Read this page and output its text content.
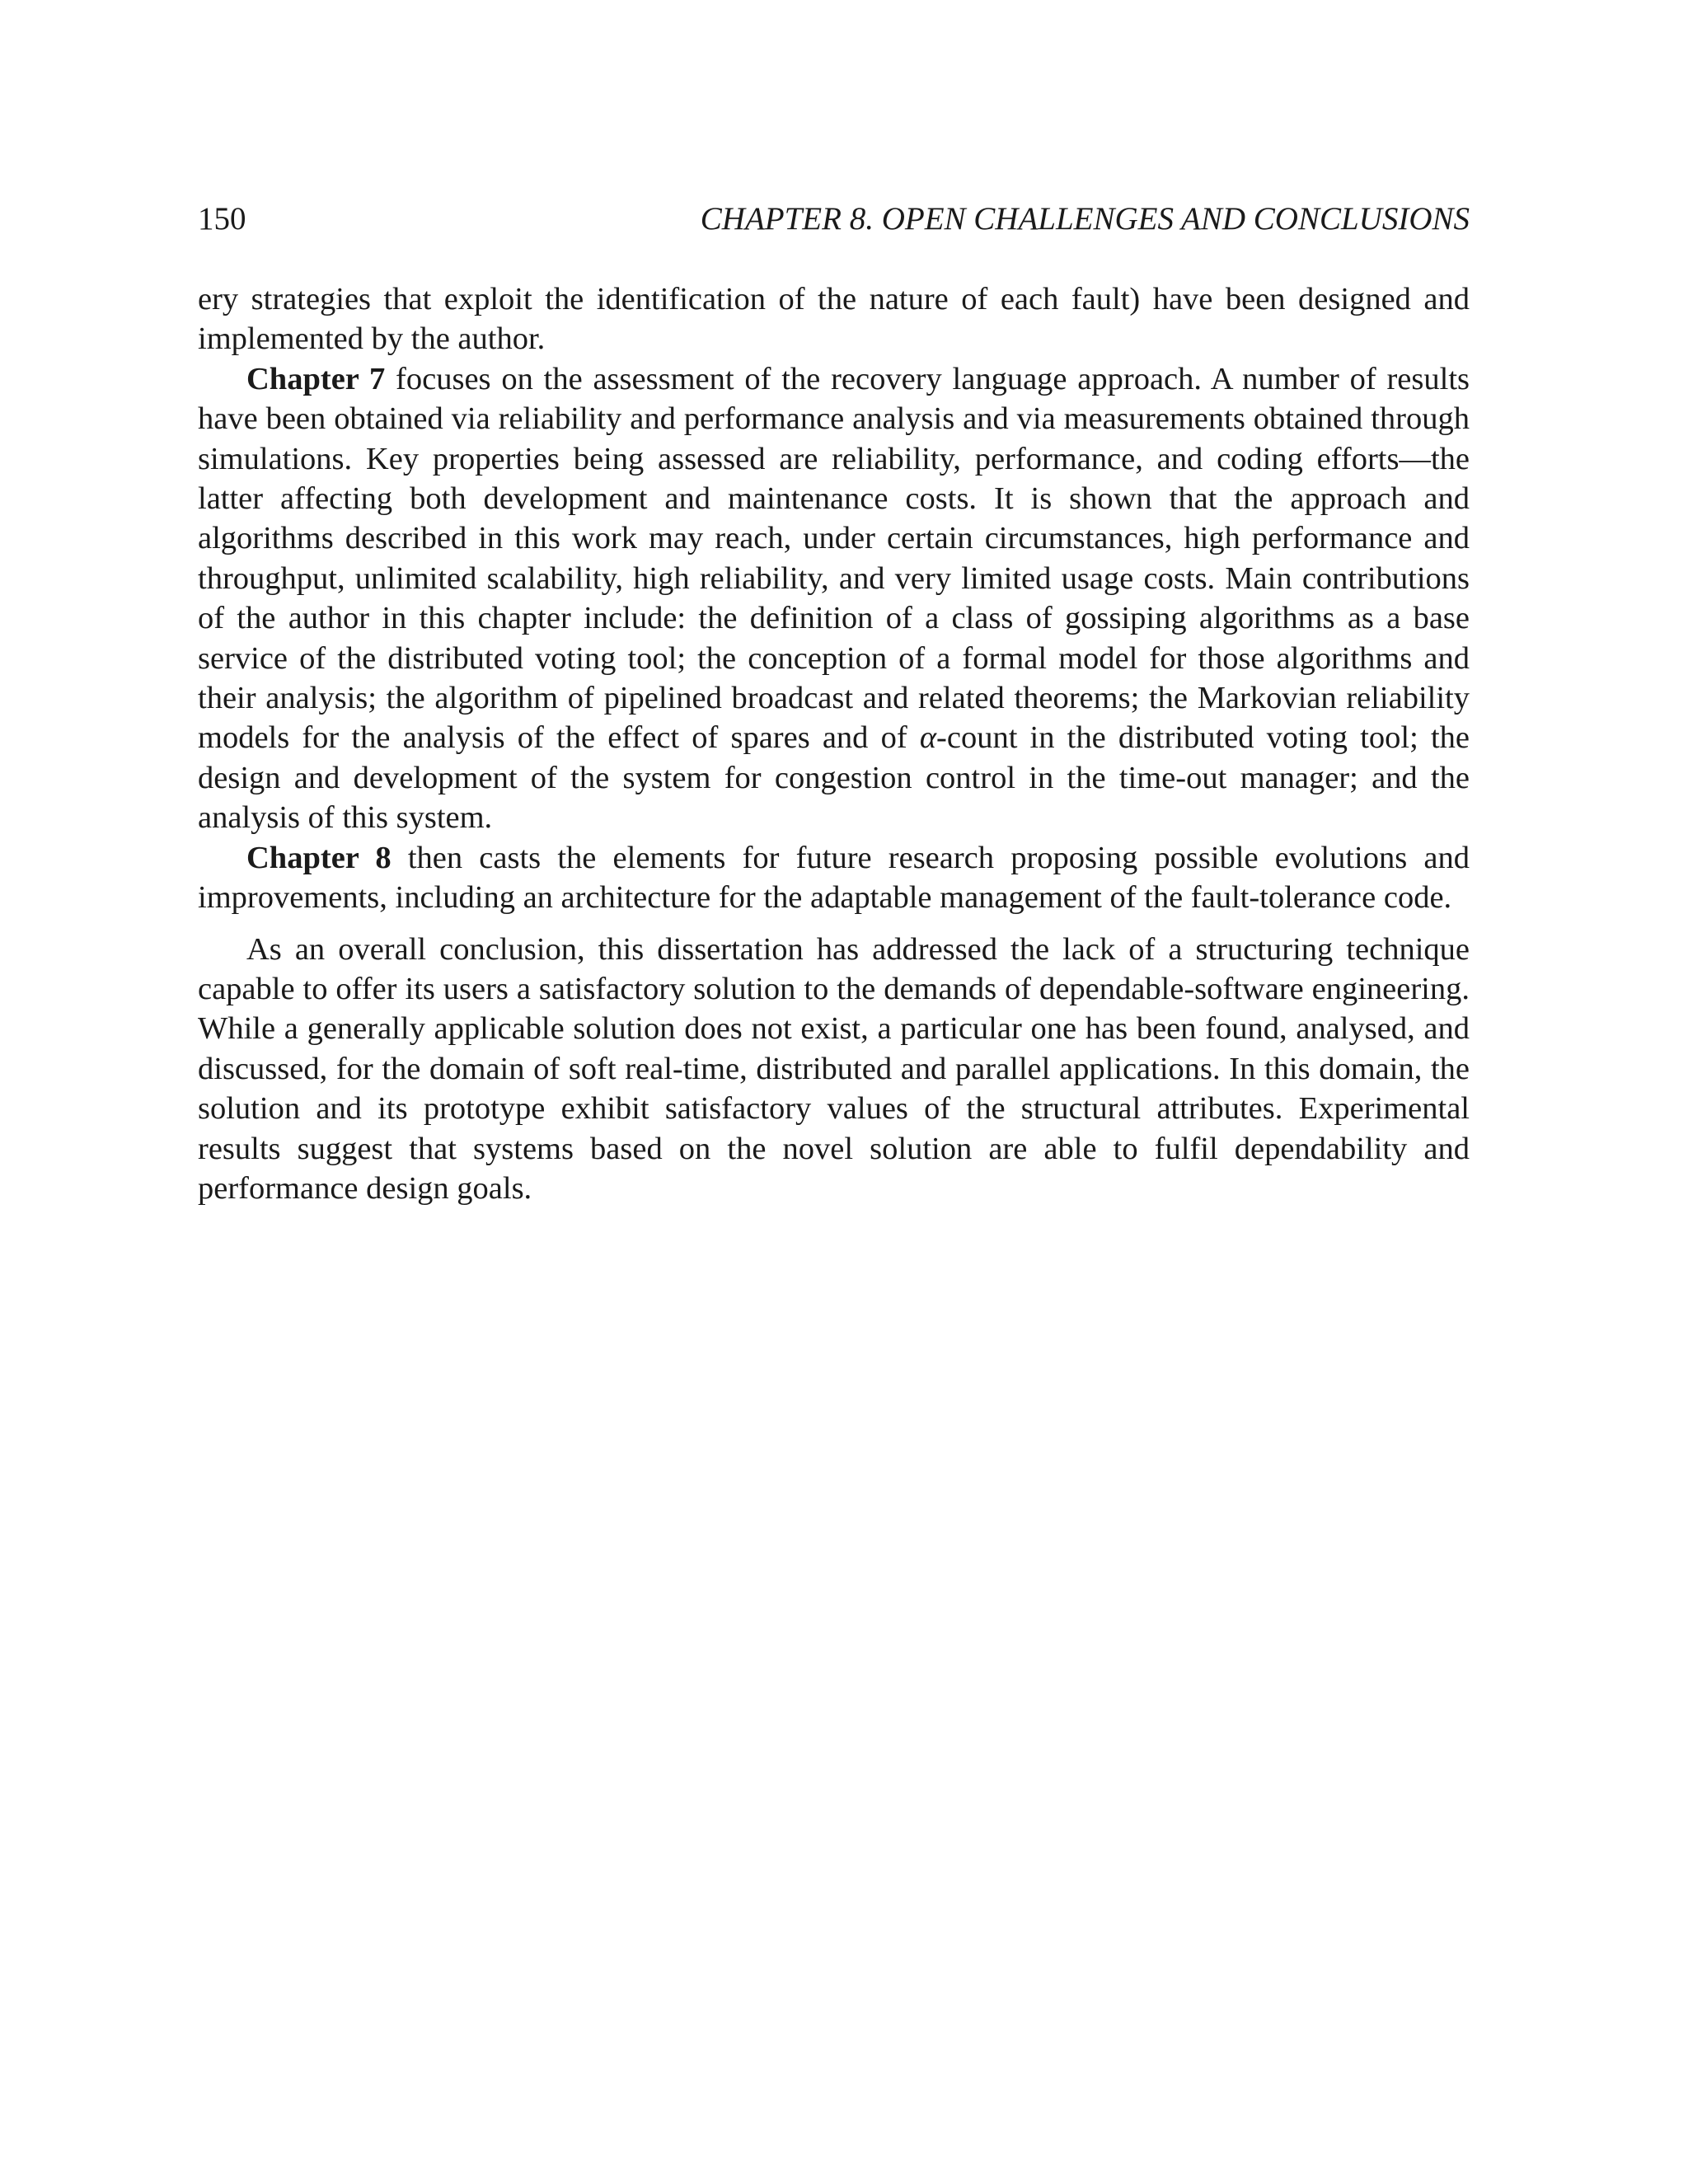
150	CHAPTER 8. OPEN CHALLENGES AND CONCLUSIONS

ery strategies that exploit the identification of the nature of each fault) have been designed and implemented by the author.

Chapter 7 focuses on the assessment of the recovery language approach. A number of results have been obtained via reliability and performance analysis and via measurements obtained through simulations. Key properties being assessed are reliability, performance, and coding efforts—the latter affecting both development and maintenance costs. It is shown that the approach and algorithms described in this work may reach, under certain circumstances, high performance and throughput, unlimited scalability, high reliability, and very limited usage costs. Main contributions of the author in this chapter include: the definition of a class of gossiping algorithms as a base service of the distributed voting tool; the conception of a formal model for those algorithms and their analysis; the algorithm of pipelined broadcast and related theorems; the Markovian reliability models for the analysis of the effect of spares and of α-count in the distributed voting tool; the design and development of the system for congestion control in the time-out manager; and the analysis of this system.

Chapter 8 then casts the elements for future research proposing possible evolutions and improvements, including an architecture for the adaptable management of the fault-tolerance code.

As an overall conclusion, this dissertation has addressed the lack of a structuring technique capable to offer its users a satisfactory solution to the demands of dependable-software engineering. While a generally applicable solution does not exist, a particular one has been found, analysed, and discussed, for the domain of soft real-time, distributed and parallel applications. In this domain, the solution and its prototype exhibit satisfactory values of the structural attributes. Experimental results suggest that systems based on the novel solution are able to fulfil dependability and performance design goals.
